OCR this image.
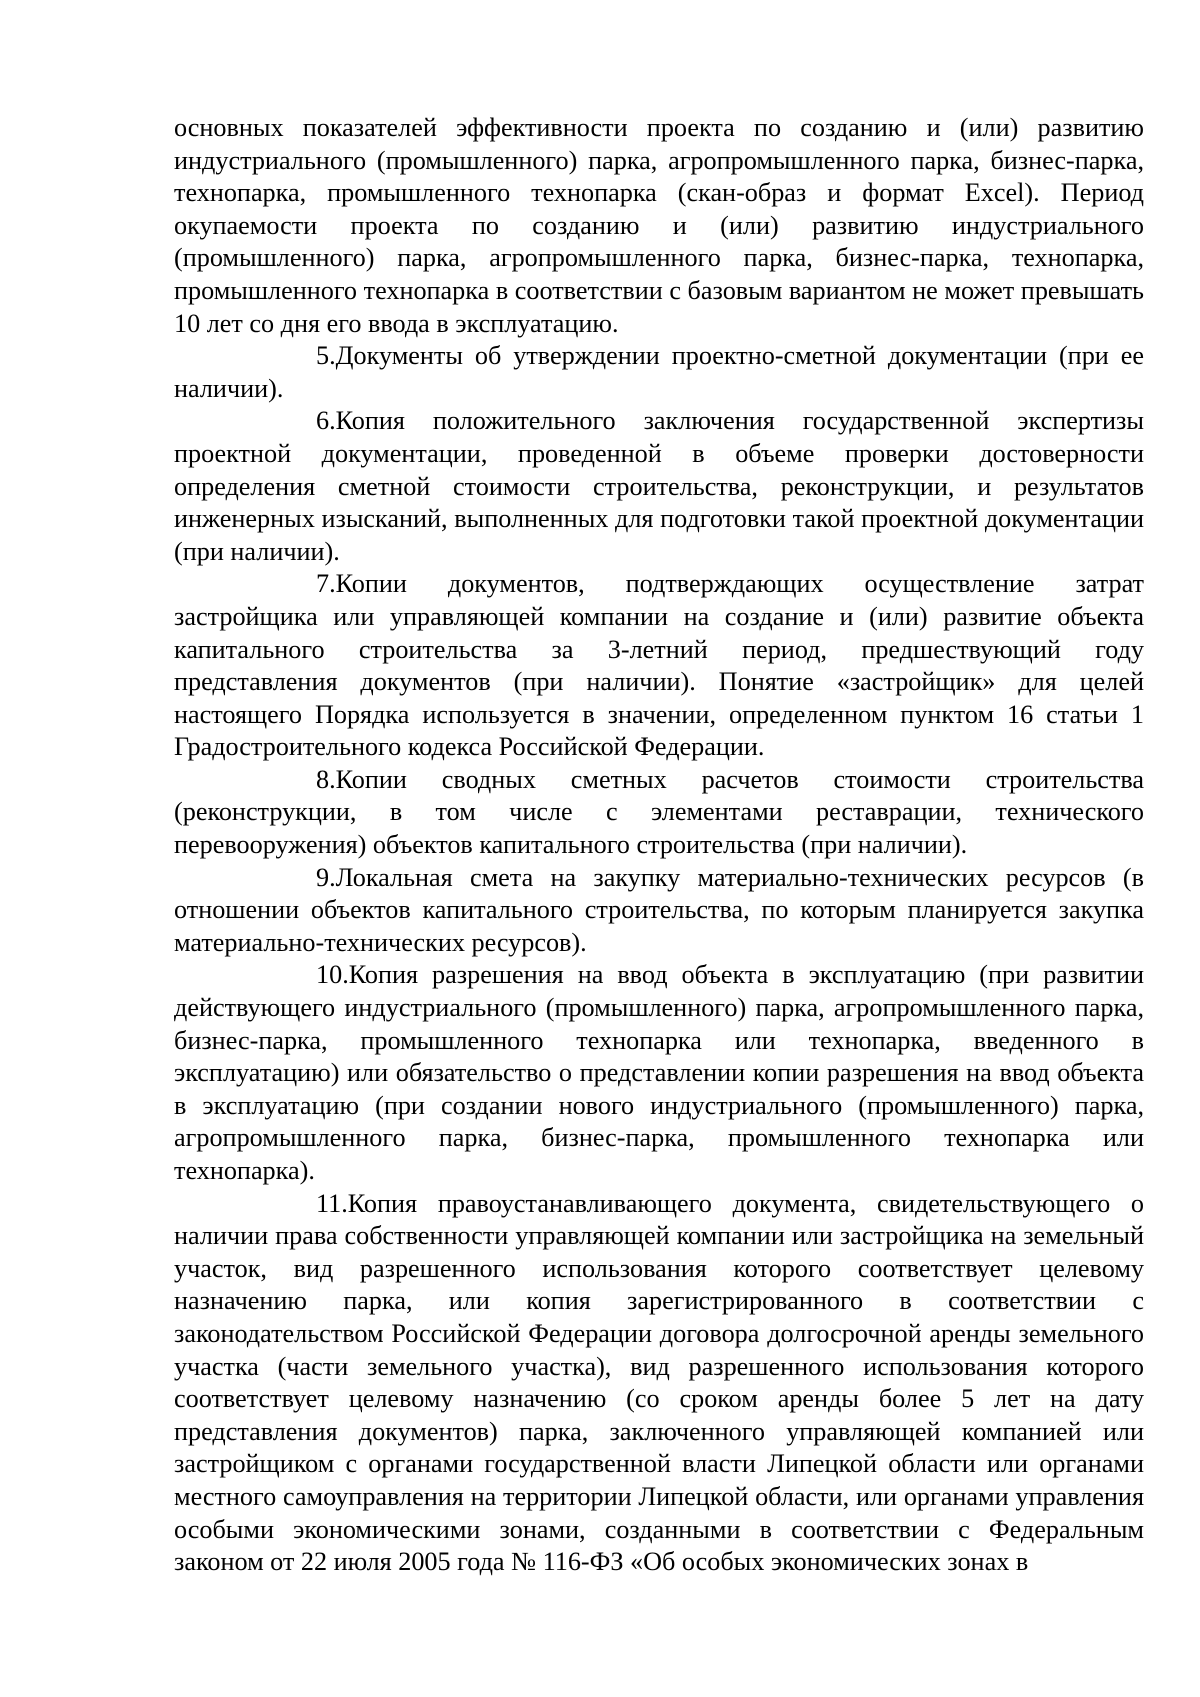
основных показателей эффективности проекта по созданию и (или) развитию индустриального (промышленного) парка, агропромышленного парка, бизнес-парка, технопарка, промышленного технопарка (скан-образ и формат Excel). Период окупаемости проекта по созданию и (или) развитию индустриального (промышленного) парка, агропромышленного парка, бизнес-парка, технопарка, промышленного технопарка в соответствии с базовым вариантом не может превышать 10 лет со дня его ввода в эксплуатацию.

5.Документы об утверждении проектно-сметной документации (при ее наличии).

6.Копия положительного заключения государственной экспертизы проектной документации, проведенной в объеме проверки достоверности определения сметной стоимости строительства, реконструкции, и результатов инженерных изысканий, выполненных для подготовки такой проектной документации (при наличии).

7.Копии документов, подтверждающих осуществление затрат застройщика или управляющей компании на создание и (или) развитие объекта капитального строительства за 3-летний период, предшествующий году представления документов (при наличии). Понятие «застройщик» для целей настоящего Порядка используется в значении, определенном пунктом 16 статьи 1 Градостроительного кодекса Российской Федерации.

8.Копии сводных сметных расчетов стоимости строительства (реконструкции, в том числе с элементами реставрации, технического перевооружения) объектов капитального строительства (при наличии).

9.Локальная смета на закупку материально-технических ресурсов (в отношении объектов капитального строительства, по которым планируется закупка материально-технических ресурсов).

10.Копия разрешения на ввод объекта в эксплуатацию (при развитии действующего индустриального (промышленного) парка, агропромышленного парка, бизнес-парка, промышленного технопарка или технопарка, введенного в эксплуатацию) или обязательство о представлении копии разрешения на ввод объекта в эксплуатацию (при создании нового индустриального (промышленного) парка, агропромышленного парка, бизнес-парка, промышленного технопарка или технопарка).

11.Копия правоустанавливающего документа, свидетельствующего о наличии права собственности управляющей компании или застройщика на земельный участок, вид разрешенного использования которого соответствует целевому назначению парка, или копия зарегистрированного в соответствии с законодательством Российской Федерации договора долгосрочной аренды земельного участка (части земельного участка), вид разрешенного использования которого соответствует целевому назначению (со сроком аренды более 5 лет на дату представления документов) парка, заключенного управляющей компанией или застройщиком с органами государственной власти Липецкой области или органами местного самоуправления на территории Липецкой области, или органами управления особыми экономическими зонами, созданными в соответствии с Федеральным законом от 22 июля 2005 года № 116-ФЗ «Об особых экономических зонах в
